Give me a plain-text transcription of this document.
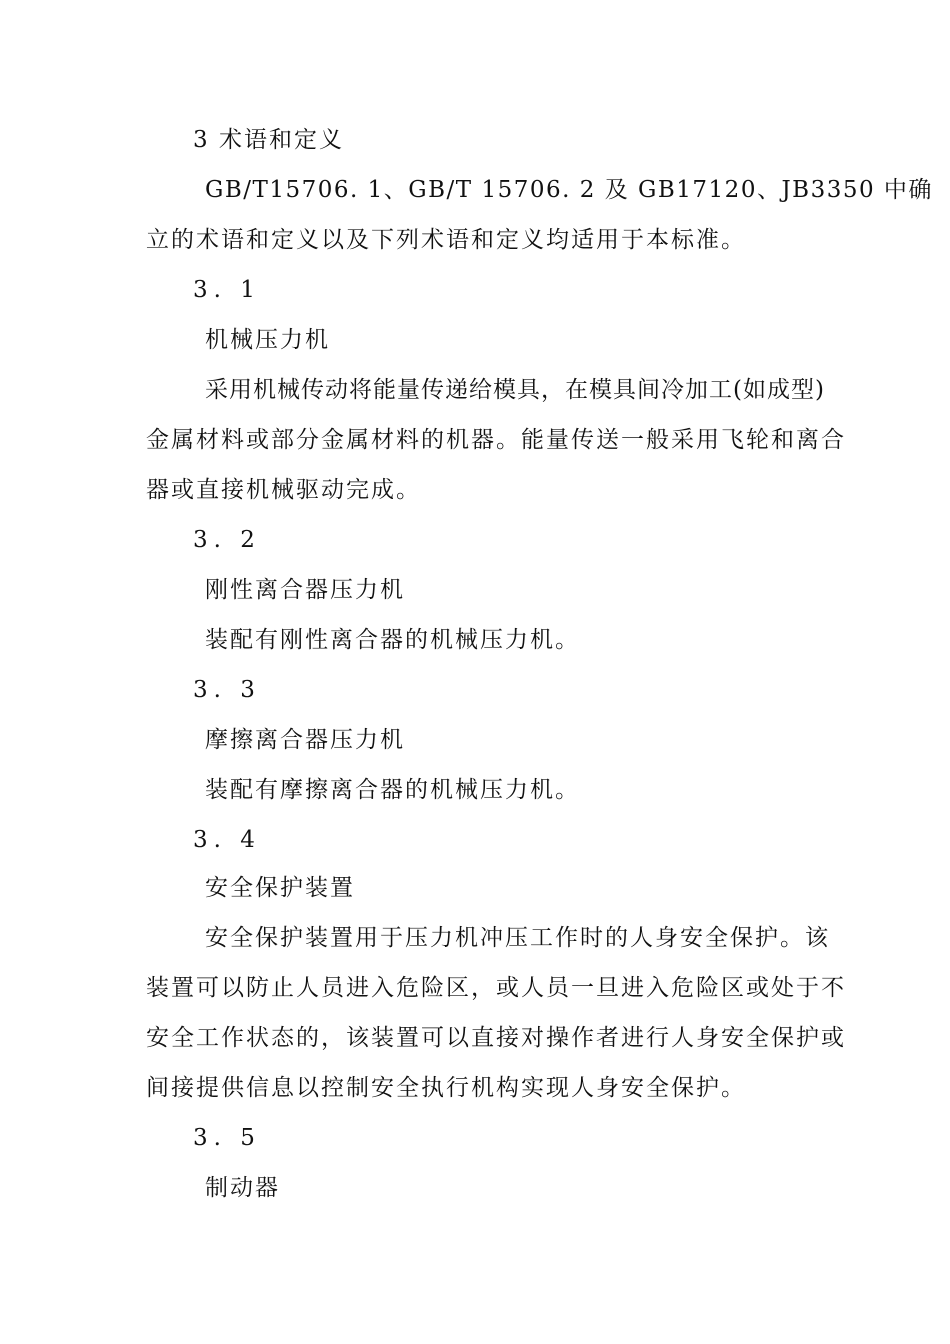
3 术语和定义
GB/T15706. 1、GB/T 15706. 2 及 GB17120、JB3350 中确
立的术语和定义以及下列术语和定义均适用于本标准。
3. 1
机械压力机
采用机械传动将能量传递给模具，在模具间冷加工(如成型)
金属材料或部分金属材料的机器。能量传送一般采用飞轮和离合
器或直接机械驱动完成。
3. 2
刚性离合器压力机
装配有刚性离合器的机械压力机。
3. 3
摩擦离合器压力机
装配有摩擦离合器的机械压力机。
3. 4
安全保护装置
安全保护装置用于压力机冲压工作时的人身安全保护。该
装置可以防止人员进入危险区，或人员一旦进入危险区或处于不
安全工作状态的，该装置可以直接对操作者进行人身安全保护或
间接提供信息以控制安全执行机构实现人身安全保护。
3. 5
制动器
